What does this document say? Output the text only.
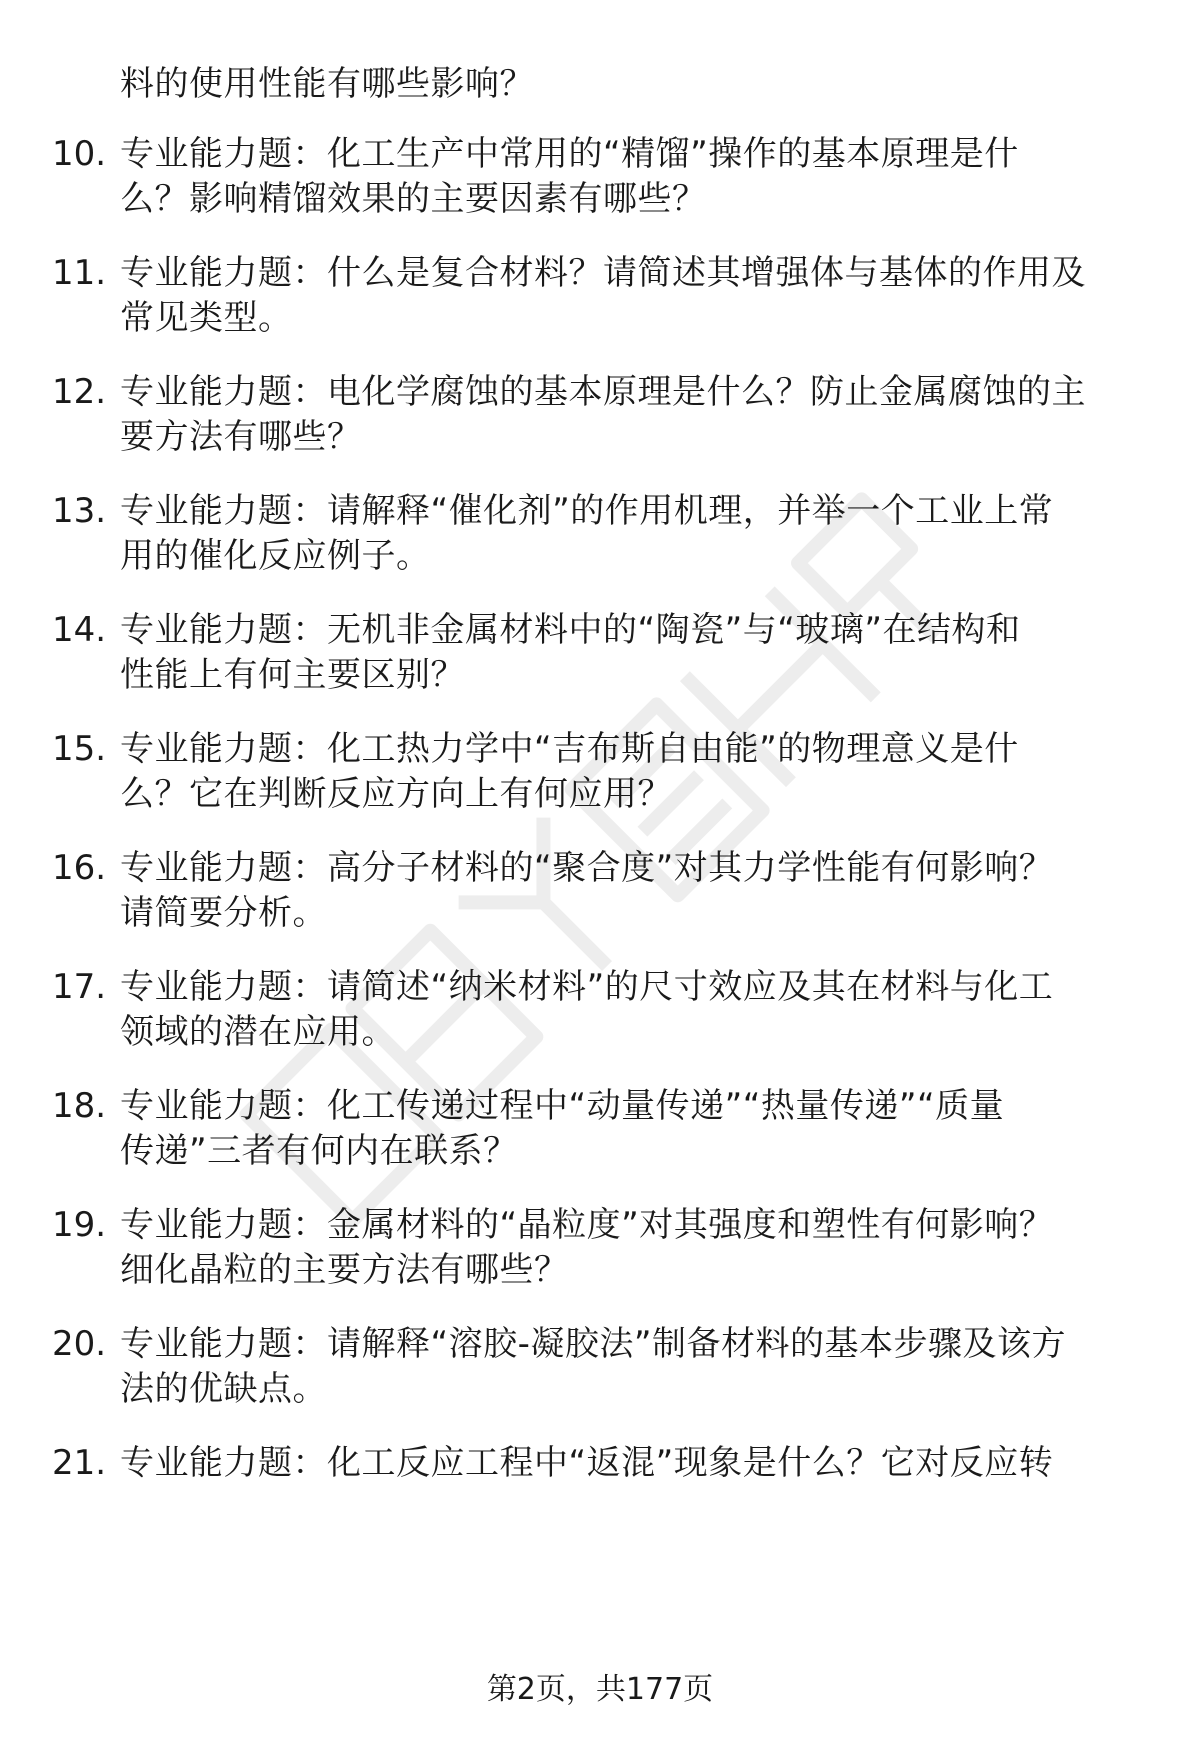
料的使用性能有哪些影响？
10. 专业能力题：化工生产中常用的“精馏”操作的基本原理是什
么？影响精馏效果的主要因素有哪些？
11. 专业能力题：什么是复合材料？请简述其增强体与基体的作用及
常见类型。
12. 专业能力题：电化学腐蚀的基本原理是什么？防止金属腐蚀的主
要方法有哪些？
13. 专业能力题：请解释“催化剂”的作用机理，并举一个工业上常
用的催化反应例子。
14. 专业能力题：无机非金属材料中的“陶瓷”与“玻璃”在结构和
性能上有何主要区别？
15. 专业能力题：化工热力学中“吉布斯自由能”的物理意义是什
么？它在判断反应方向上有何应用？
16. 专业能力题：高分子材料的“聚合度”对其力学性能有何影响？
请简要分析。
17. 专业能力题：请简述“纳米材料”的尺寸效应及其在材料与化工
领域的潜在应用。
18. 专业能力题：化工传递过程中“动量传递”“热量传递”“质量
传递”三者有何内在联系？
19. 专业能力题：金属材料的“晶粒度”对其强度和塑性有何影响？
细化晶粒的主要方法有哪些？
20. 专业能力题：请解释“溶胶-凝胶法”制备材料的基本步骤及该方
法的优缺点。
21. 专业能力题：化工反应工程中“返混”现象是什么？它对反应转
第2页，共177页
